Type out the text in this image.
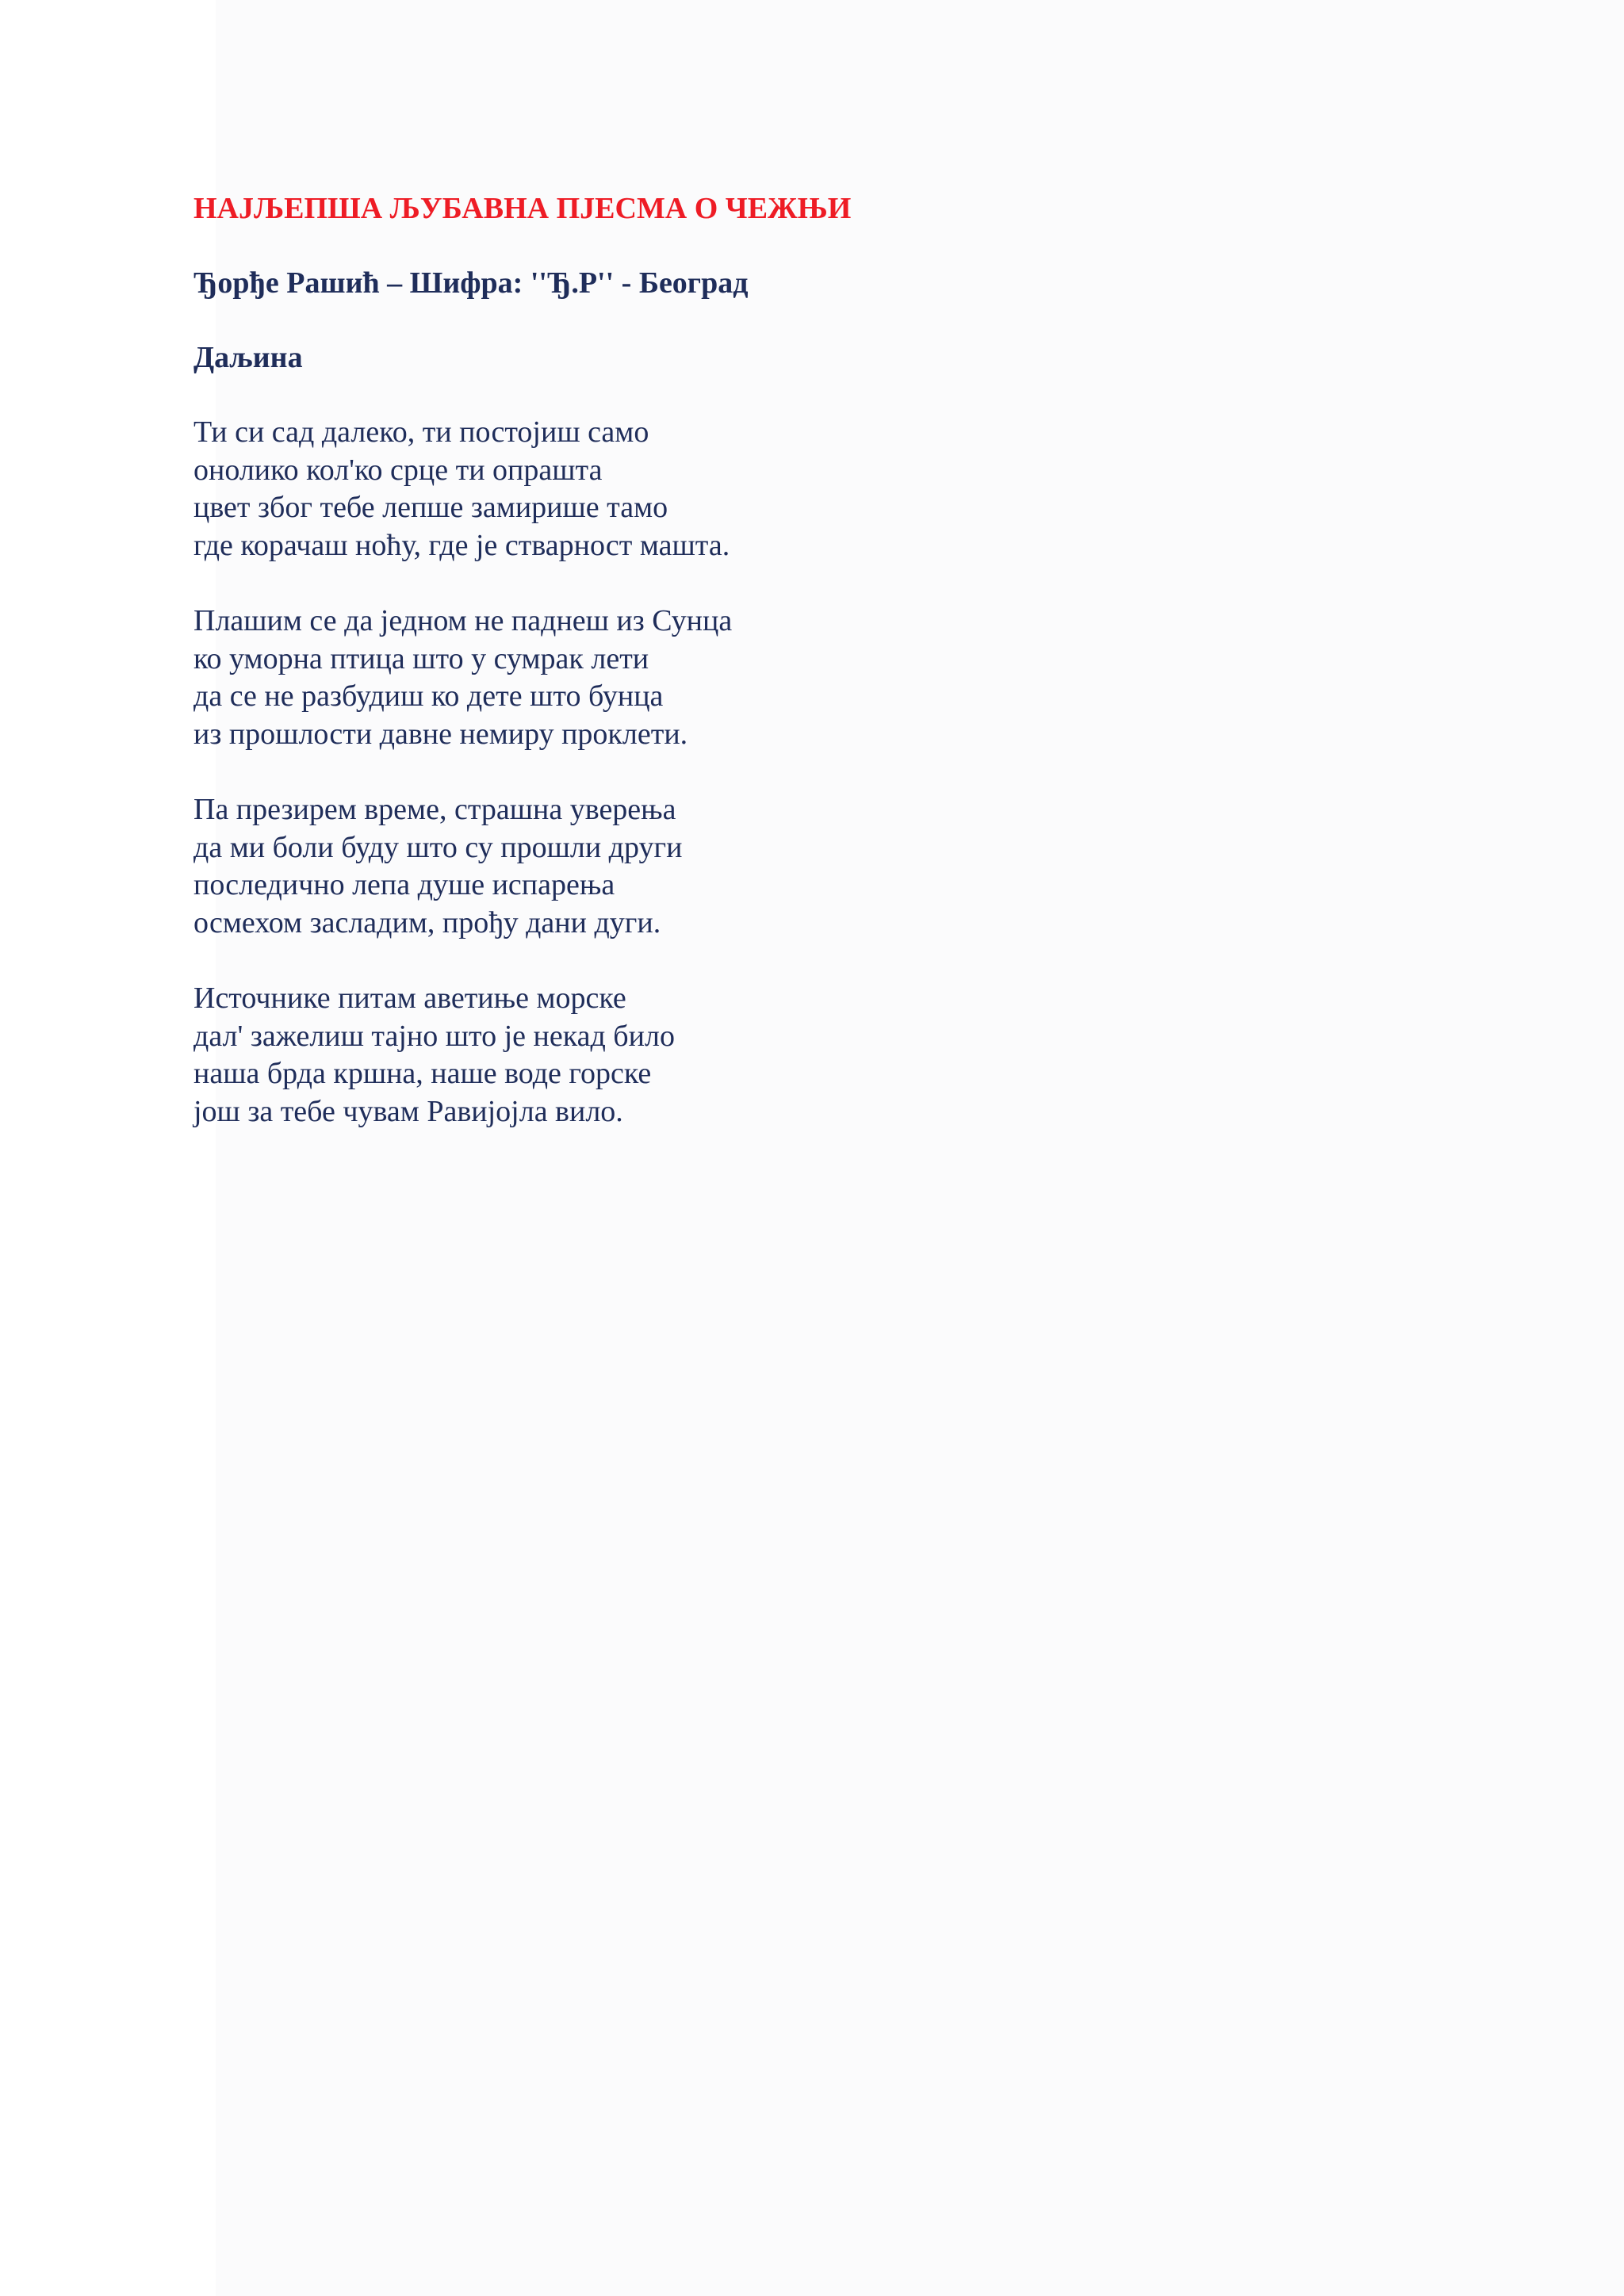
НАЈЉЕПША ЉУБАВНА ПЈЕСМА О ЧЕЖЊИ

Ђорђе Рашић – Шифра: ''Ђ.Р'' - Београд

Даљина

Ти си сад далеко, ти постојиш само
онолико кол'ко срце ти опрашта
цвет због тебе лепше замирише тамо
где корачаш ноћу, где је стварност машта.
Плашим се да једном не паднеш из Сунца
ко уморна птица што у сумрак лети
да се не разбудиш ко дете што бунца
из прошлости давне немиру проклети.
Па презирем време, страшна уверења
да ми боли буду што су прошли други
последично лепа душе испарења
осмехом засладим, прођу дани дуги.
Источнике питам аветиње морске
дал' зажелиш тајно што је некад било
наша брда кршна, наше воде горске
још за тебе чувам Равијојла вило.
